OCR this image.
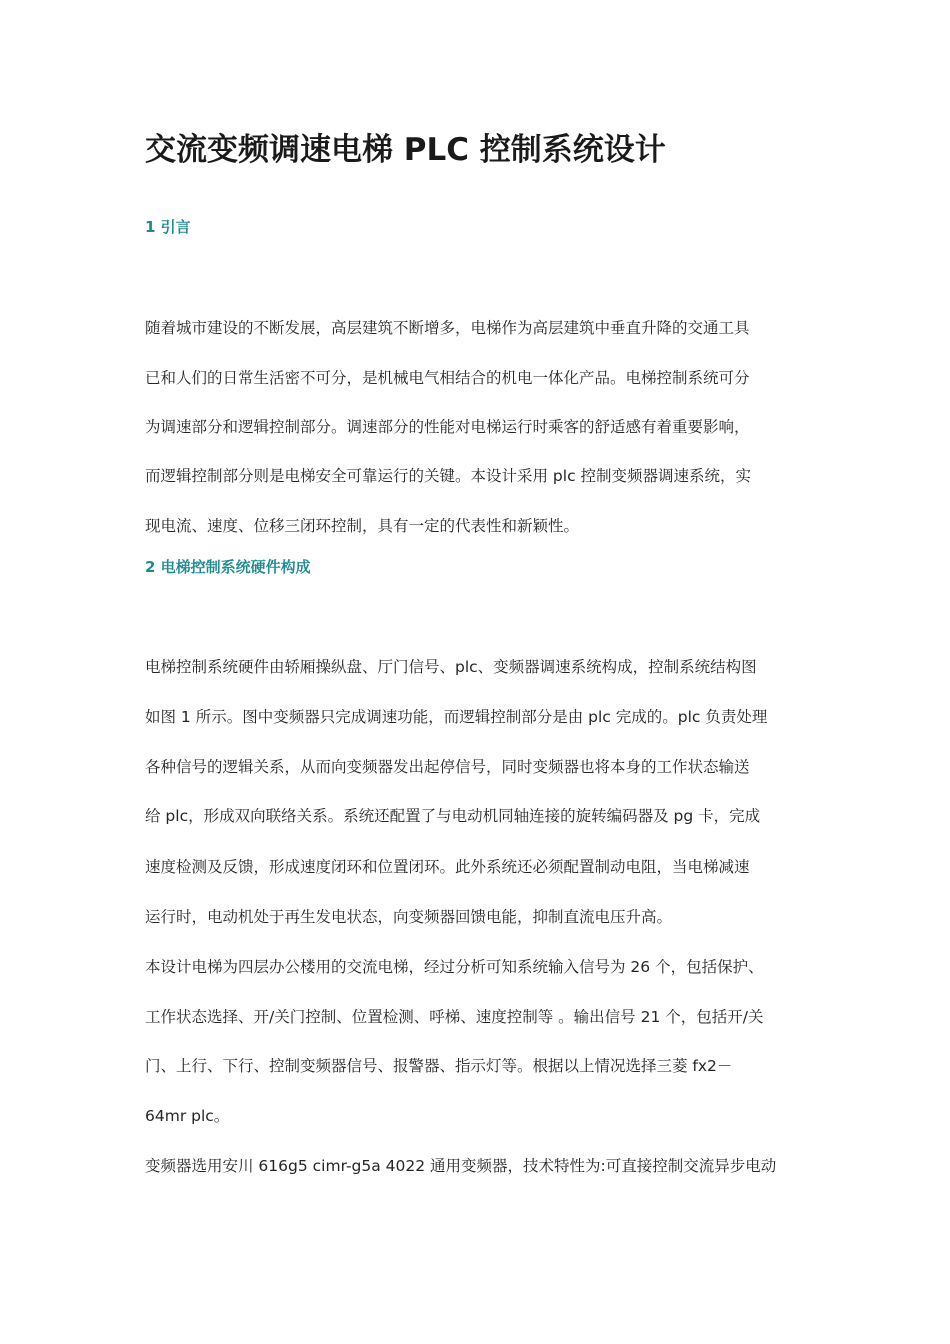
交流变频调速电梯 PLC 控制系统设计
1 引言
随着城市建设的不断发展，高层建筑不断增多，电梯作为高层建筑中垂直升降的交通工具
已和人们的日常生活密不可分，是机械电气相结合的机电一体化产品。电梯控制系统可分
为调速部分和逻辑控制部分。调速部分的性能对电梯运行时乘客的舒适感有着重要影响，
而逻辑控制部分则是电梯安全可靠运行的关键。本设计采用 plc 控制变频器调速系统，实
现电流、速度、位移三闭环控制，具有一定的代表性和新颖性。
2 电梯控制系统硬件构成
电梯控制系统硬件由轿厢操纵盘、厅门信号、plc、变频器调速系统构成，控制系统结构图
如图 1 所示。图中变频器只完成调速功能，而逻辑控制部分是由 plc 完成的。plc 负责处理
各种信号的逻辑关系，从而向变频器发出起停信号，同时变频器也将本身的工作状态输送
给 plc，形成双向联络关系。系统还配置了与电动机同轴连接的旋转编码器及 pg 卡，完成
速度检测及反馈，形成速度闭环和位置闭环。此外系统还必须配置制动电阻，当电梯减速
运行时，电动机处于再生发电状态，向变频器回馈电能，抑制直流电压升高。
本设计电梯为四层办公楼用的交流电梯，经过分析可知系统输入信号为 26 个，包括保护、
工作状态选择、开/关门控制、位置检测、呼梯、速度控制等 。输出信号 21 个，包括开/关
门、上行、下行、控制变频器信号、报警器、指示灯等。根据以上情况选择三菱 fx2－
64mr plc。
变频器选用安川 616g5 cimr-g5a 4022 通用变频器，技术特性为:可直接控制交流异步电动
